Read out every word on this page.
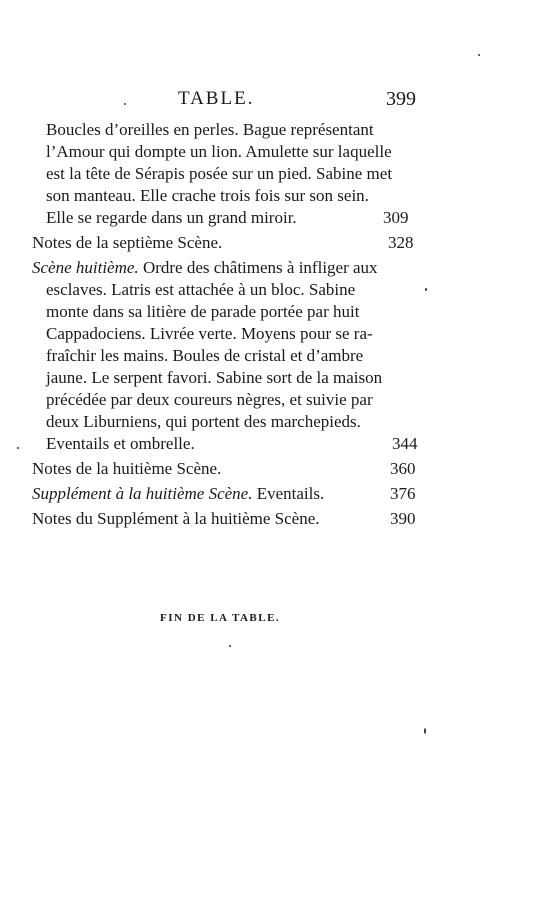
TABLE.	399
Boucles d’oreilles en perles. Bague représentant
l’Amour qui dompte un lion. Amulette sur laquelle
est la tête de Sérapis posée sur un pied. Sabine met
son manteau. Elle crache trois fois sur son sein.
Elle se regarde dans un grand miroir.	309
Notes de la septième Scène.	328
Scène huitième. Ordre des châtimens à infliger aux
esclaves. Latris est attachée à un bloc. Sabine
monte dans sa litière de parade portée par huit
Cappadociens. Livrée verte. Moyens pour se ra-
fraîchir les mains. Boules de cristal et d’ambre
jaune. Le serpent favori. Sabine sort de la maison
précédée par deux coureurs nègres, et suivie par
deux Liburniens, qui portent des marchepieds.
Eventails et ombrelle.	344
Notes de la huitième Scène.	360
Supplément à la huitième Scène. Eventails.	376
Notes du Supplément à la huitième Scène.	390
FIN DE LA TABLE.
